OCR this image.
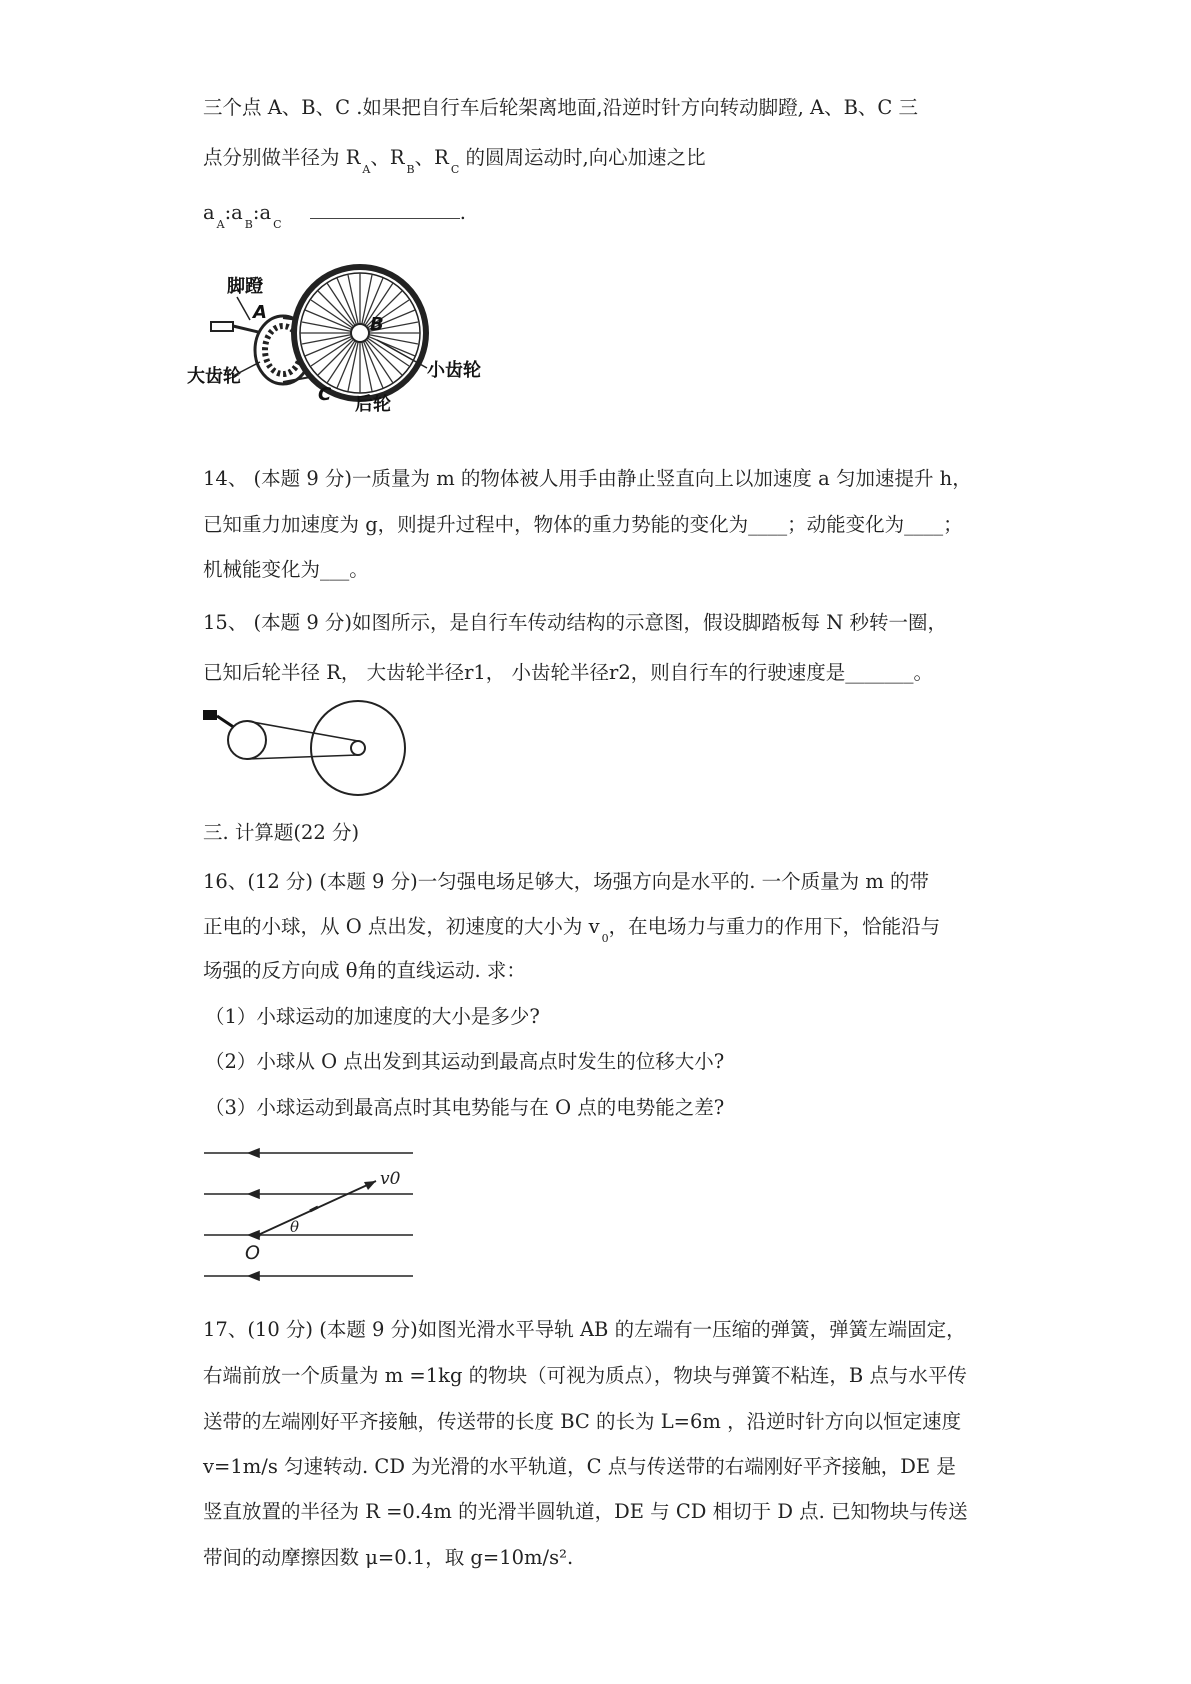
三个点 A、B、C .如果把自行车后轮架离地面,沿逆时针方向转动脚蹬, A、B、C 三
点分别做半径为 $R_A$、$R_B$、$R_C$ 的圆周运动时,向心加速之比
$a_A:a_B:a_C$ .
脚蹬
A
B
C
大齿轮	小齿轮
后轮
14、 (本题 9 分)一质量为 m 的物体被人用手由静止竖直向上以加速度 a 匀加速提升 h，
已知重力加速度为 g，则提升过程中，物体的重力势能的变化为____；动能变化为____；
机械能变化为___。
15、 (本题 9 分)如图所示，是自行车传动结构的示意图，假设脚踏板每 N 秒转一圈，
已知后轮半径 R， 大齿轮半径r1， 小齿轮半径r2，则自行车的行驶速度是_______。
三. 计算题(22 分)
16、(12 分) (本题 9 分)一匀强电场足够大，场强方向是水平的. 一个质量为 m 的带
正电的小球，从 O 点出发，初速度的大小为 $v_0$，在电场力与重力的作用下，恰能沿与
场强的反方向成 θ角的直线运动. 求：
（1）小球运动的加速度的大小是多少?
（2）小球从 O 点出发到其运动到最高点时发生的位移大小?
（3）小球运动到最高点时其电势能与在 O 点的电势能之差?
v0
θ
O
17、(10 分) (本题 9 分)如图光滑水平导轨 AB 的左端有一压缩的弹簧，弹簧左端固定，
右端前放一个质量为 m =1kg 的物块（可视为质点），物块与弹簧不粘连，B 点与水平传
送带的左端刚好平齐接触，传送带的长度 BC 的长为 L=6m ，沿逆时针方向以恒定速度
v=1m/s 匀速转动. CD 为光滑的水平轨道，C 点与传送带的右端刚好平齐接触，DE 是
竖直放置的半径为 R =0.4m 的光滑半圆轨道，DE 与 CD 相切于 D 点. 已知物块与传送
带间的动摩擦因数 μ=0.1，取 g=10m/s².
